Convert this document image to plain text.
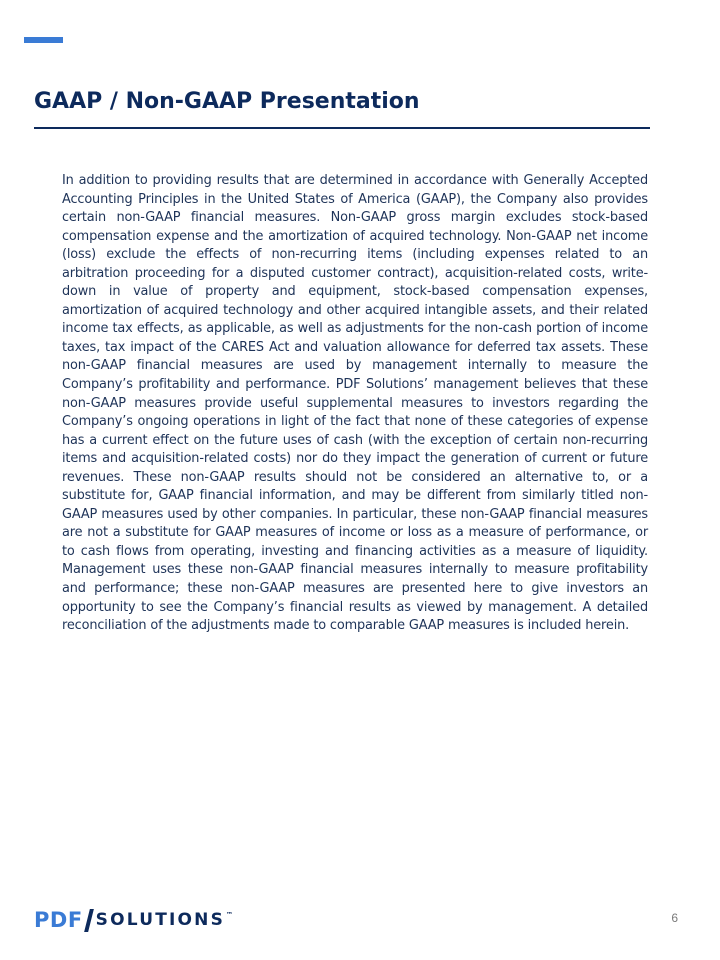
GAAP / Non-GAAP Presentation

In addition to providing results that are determined in accordance with Generally Accepted Accounting Principles in the United States of America (GAAP), the Company also provides certain non-GAAP financial measures. Non-GAAP gross margin excludes stock-based compensation expense and the amortization of acquired technology. Non-GAAP net income (loss) exclude the effects of non-recurring items (including expenses related to an arbitration proceeding for a disputed customer contract), acquisition-related costs, write-down in value of property and equipment, stock-based compensation expenses, amortization of acquired technology and other acquired intangible assets, and their related income tax effects, as applicable, as well as adjustments for the non-cash portion of income taxes, tax impact of the CARES Act and valuation allowance for deferred tax assets. These non-GAAP financial measures are used by management internally to measure the Company’s profitability and performance. PDF Solutions’ management believes that these non-GAAP measures provide useful supplemental measures to investors regarding the Company’s ongoing operations in light of the fact that none of these categories of expense has a current effect on the future uses of cash (with the exception of certain non-recurring items and acquisition-related costs) nor do they impact the generation of current or future revenues. These non-GAAP results should not be considered an alternative to, or a substitute for, GAAP financial information, and may be different from similarly titled non-GAAP measures used by other companies. In particular, these non-GAAP financial measures are not a substitute for GAAP measures of income or loss as a measure of performance, or to cash flows from operating, investing and financing activities as a measure of liquidity. Management uses these non-GAAP financial measures internally to measure profitability and performance; these non-GAAP measures are presented here to give investors an opportunity to see the Company’s financial results as viewed by management. A detailed reconciliation of the adjustments made to comparable GAAP measures is included herein.

PDF SOLUTIONS ™	6
